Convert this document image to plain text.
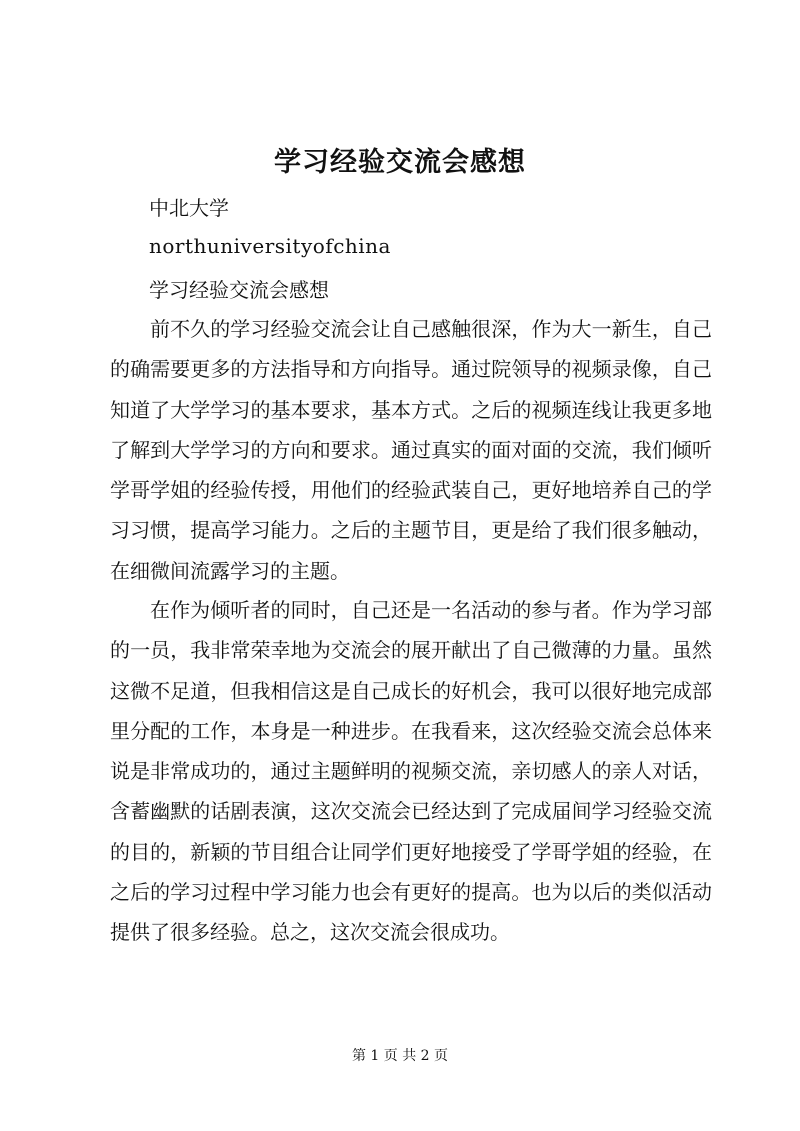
学习经验交流会感想

中北大学

northuniversityofchina

学习经验交流会感想

前不久的学习经验交流会让自己感触很深，作为大一新生，自己的确需要更多的方法指导和方向指导。通过院领导的视频录像，自己知道了大学学习的基本要求，基本方式。之后的视频连线让我更多地了解到大学学习的方向和要求。通过真实的面对面的交流，我们倾听学哥学姐的经验传授，用他们的经验武装自己，更好地培养自己的学习习惯，提高学习能力。之后的主题节目，更是给了我们很多触动，在细微间流露学习的主题。

在作为倾听者的同时，自己还是一名活动的参与者。作为学习部的一员，我非常荣幸地为交流会的展开献出了自己微薄的力量。虽然这微不足道，但我相信这是自己成长的好机会，我可以很好地完成部里分配的工作，本身是一种进步。在我看来，这次经验交流会总体来说是非常成功的，通过主题鲜明的视频交流，亲切感人的亲人对话，含蓄幽默的话剧表演，这次交流会已经达到了完成届间学习经验交流的目的，新颖的节目组合让同学们更好地接受了学哥学姐的经验，在之后的学习过程中学习能力也会有更好的提高。也为以后的类似活动提供了很多经验。总之，这次交流会很成功。

第 1 页 共 2 页
